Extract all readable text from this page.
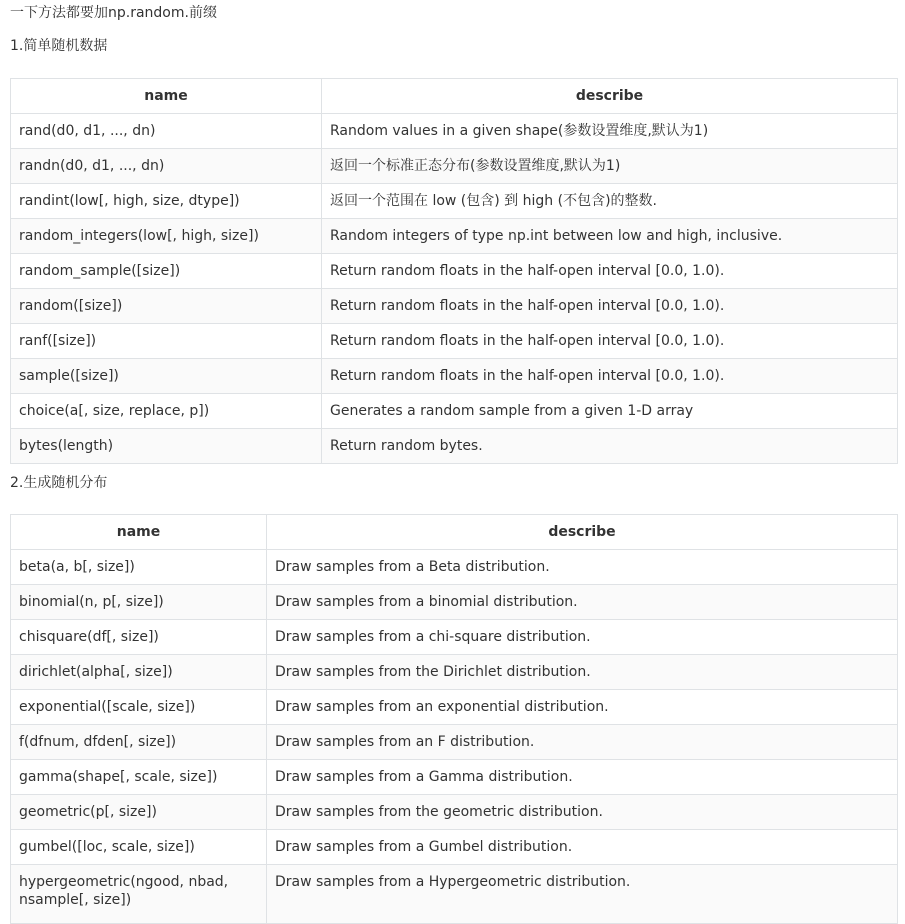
一下方法都要加np.random.前缀
1.简单随机数据
name	describe
rand(d0, d1, ..., dn)	Random values in a given shape(参数设置维度,默认为1)
randn(d0, d1, ..., dn)	返回一个标准正态分布(参数设置维度,默认为1)
randint(low[, high, size, dtype])	返回一个范围在 low (包含) 到 high (不包含)的整数.
random_integers(low[, high, size])	Random integers of type np.int between low and high, inclusive.
random_sample([size])	Return random floats in the half-open interval [0.0, 1.0).
random([size])	Return random floats in the half-open interval [0.0, 1.0).
ranf([size])	Return random floats in the half-open interval [0.0, 1.0).
sample([size])	Return random floats in the half-open interval [0.0, 1.0).
choice(a[, size, replace, p])	Generates a random sample from a given 1-D array
bytes(length)	Return random bytes.
2.生成随机分布
name	describe
beta(a, b[, size])	Draw samples from a Beta distribution.
binomial(n, p[, size])	Draw samples from a binomial distribution.
chisquare(df[, size])	Draw samples from a chi-square distribution.
dirichlet(alpha[, size])	Draw samples from the Dirichlet distribution.
exponential([scale, size])	Draw samples from an exponential distribution.
f(dfnum, dfden[, size])	Draw samples from an F distribution.
gamma(shape[, scale, size])	Draw samples from a Gamma distribution.
geometric(p[, size])	Draw samples from the geometric distribution.
gumbel([loc, scale, size])	Draw samples from a Gumbel distribution.
hypergeometric(ngood, nbad, nsample[, size])	Draw samples from a Hypergeometric distribution.
